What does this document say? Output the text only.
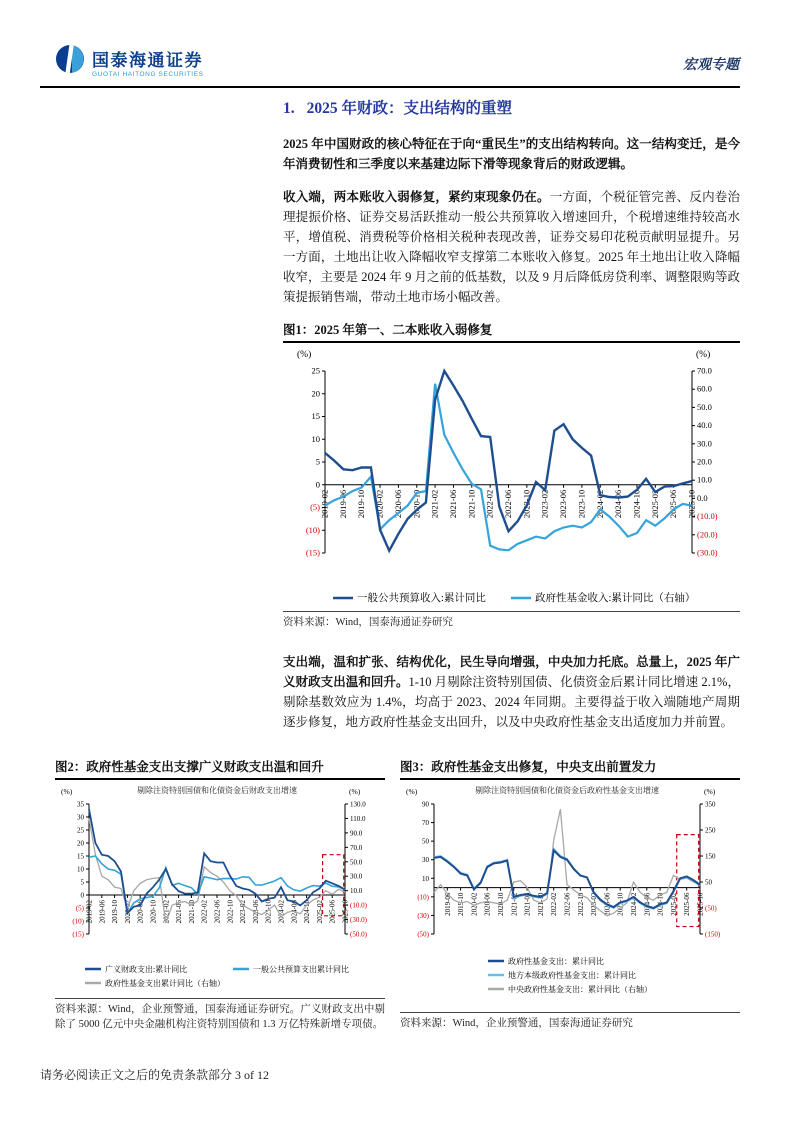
国泰海通证券
GUOTAI HAITONG SECURITIES
宏观专题
1. 2025 年财政：支出结构的重塑

2025 年中国财政的核心特征在于向“重民生”的支出结构转向。这一结构变迁，是今年消费韧性和三季度以来基建边际下滑等现象背后的财政逻辑。

收入端，两本账收入弱修复，紧约束现象仍在。一方面，个税征管完善、反内卷治理提振价格、证券交易活跃推动一般公共预算收入增速回升，个税增速维持较高水平，增值税、消费税等价格相关税种表现改善，证券交易印花税贡献明显提升。另一方面，土地出让收入降幅收窄支撑第二本账收入修复。2025 年土地出让收入降幅收窄，主要是 2024 年 9 月之前的低基数，以及 9 月后降低房贷利率、调整限购等政策提振销售端，带动土地市场小幅改善。

图1：2025 年第一、二本账收入弱修复
(%)	(%)
25
20
15
10
5
0
(5)
(10)
(15)
70.0
60.0
50.0
40.0
30.0
20.0
10.0
0.0
(10.0)
(20.0)
(30.0)
2019-02 2019-06 2019-10 2020-02 2020-06 2020-10 2021-02 2021-06 2021-10 2022-02 2022-06 2022-10 2023-02 2023-06 2023-10 2024-02 2024-06 2024-10 2025-02 2025-06 2025-10
一般公共预算收入:累计同比	政府性基金收入:累计同比（右轴）
资料来源：Wind，国泰海通证券研究

支出端，温和扩张、结构优化，民生导向增强，中央加力托底。总量上，2025 年广义财政支出温和回升。1-10 月剔除注资特别国债、化债资金后累计同比增速 2.1%，剔除基数效应为 1.4%，均高于 2023、2024 年同期。主要得益于收入端随地产周期逐步修复，地方政府性基金支出回升，以及中央政府性基金支出适度加力并前置。

图2：政府性基金支出支撑广义财政支出温和回升
(%)	(%)
剔除注资特别国债和化债资金后财政支出增速
35
30
25
20
15
10
5
0
(5)
(10)
(15)
130.0
110.0
90.0
70.0
50.0
30.0
10.0
(10.0)
(30.0)
(50.0)
2019-02 2019-06 2019-10 2020-02 2020-06 2020-10 2021-02 2021-06 2021-10 2022-02 2022-06 2022-10 2023-02 2023-06 2023-10 2024-02 2024-06 2024-10 2025-02 2025-06 2025-10
广义财政支出:累计同比	一般公共预算支出累计同比
政府性基金支出累计同比（右轴）
资料来源：Wind，企业预警通，国泰海通证券研究。广义财政支出中剔除了 5000 亿元中央金融机构注资特别国债和 1.3 万亿特殊新增专项债。
图3：政府性基金支出修复，中央支出前置发力
(%)	(%)
剔除注资特别国债和化债资金后政府性基金支出增速
90
70
50
30
10
(10)
(30)
(50)
350
250
150
50
(50)
(150)
2019-06 2019-10 2020-02 2020-06 2020-10 2021-02 2021-06 2021-10 2022-02 2022-06 2022-10 2023-02 2023-06 2023-10 2024-02 2024-06 2024-10 2025-02 2025-06 2025-10
政府性基金支出：累计同比
地方本级政府性基金支出：累计同比
中央政府性基金支出：累计同比（右轴）
资料来源：Wind，企业预警通，国泰海通证券研究
请务必阅读正文之后的免责条款部分 3 of 12
